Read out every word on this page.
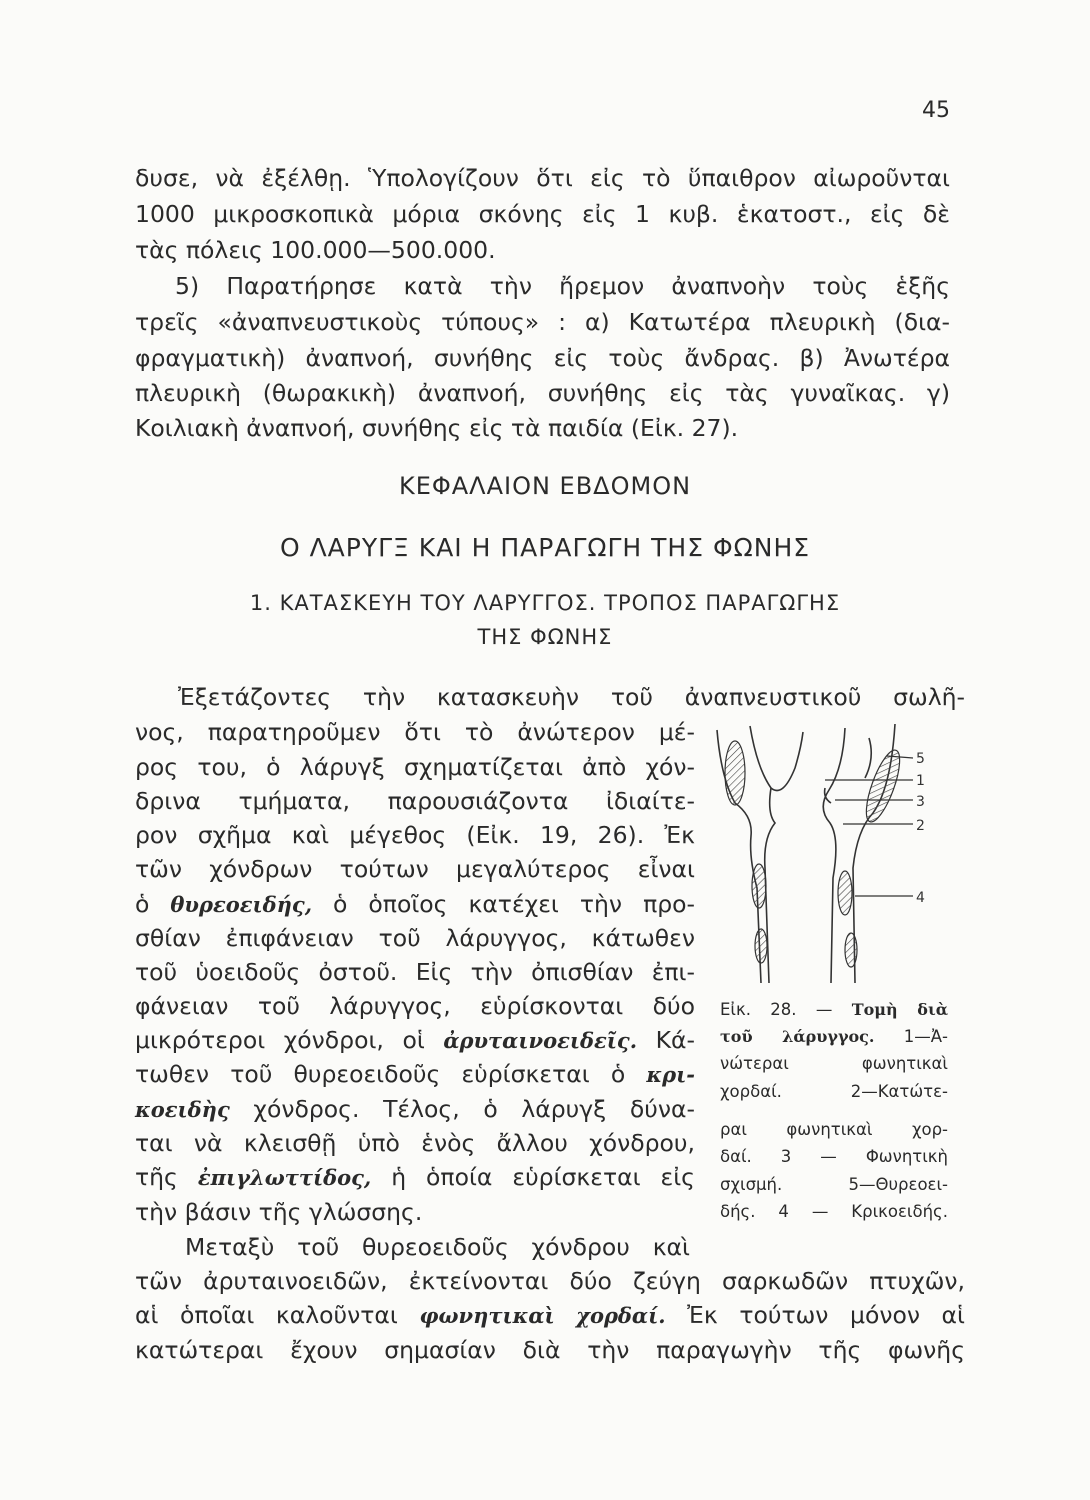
45
δυσε, νὰ ἐξέλθῃ. Ὑπολογίζουν ὅτι εἰς τὸ ὕπαιθρον αἰωροῦνται
1000 μικροσκοπικὰ μόρια σκόνης εἰς 1 κυβ. ἑκατοστ., εἰς δὲ
τὰς πόλεις 100.000—500.000.
5) Παρατήρησε κατὰ τὴν ἤρεμον ἀναπνοὴν τοὺς ἑξῆς
τρεῖς «ἀναπνευστικοὺς τύπους» : α) Κατωτέρα πλευρικὴ (δια-
φραγματικὴ) ἀναπνοή, συνήθης εἰς τοὺς ἄνδρας. β) Ἀνωτέρα
πλευρικὴ (θωρακικὴ) ἀναπνοή, συνήθης εἰς τὰς γυναῖκας. γ)
Κοιλιακὴ ἀναπνοή, συνήθης εἰς τὰ παιδία (Εἰκ. 27).
ΚΕΦΑΛΑΙΟΝ ΕΒΔΟΜΟΝ
Ο ΛΑΡΥΓΞ ΚΑΙ Η ΠΑΡΑΓΩΓΗ ΤΗΣ ΦΩΝΗΣ
1. ΚΑΤΑΣΚΕΥΗ ΤΟΥ ΛΑΡΥΓΓΟΣ. ΤΡΟΠΟΣ ΠΑΡΑΓΩΓΗΣ
ΤΗΣ ΦΩΝΗΣ
Ἐξετάζοντες τὴν κατασκευὴν τοῦ ἀναπνευστικοῦ σωλῆ-
νος, παρατηροῦμεν ὅτι τὸ ἀνώτερον μέ-
ρος του, ὁ λάρυγξ σχηματίζεται ἀπὸ χόν-
δρινα τμήματα, παρουσιάζοντα ἰδιαίτε-
ρον σχῆμα καὶ μέγεθος (Εἰκ. 19, 26). Ἐκ
τῶν χόνδρων τούτων μεγαλύτερος εἶναι
ὁ θυρεοειδής, ὁ ὁποῖος κατέχει τὴν προ-
σθίαν ἐπιφάνειαν τοῦ λάρυγγος, κάτωθεν
τοῦ ὑοειδοῦς ὀστοῦ. Εἰς τὴν ὀπισθίαν ἐπι-
φάνειαν τοῦ λάρυγγος, εὑρίσκονται δύο
μικρότεροι χόνδροι, οἱ ἀρυταινοειδεῖς. Κά-
τωθεν τοῦ θυρεοειδοῦς εὑρίσκεται ὁ κρι-
κοειδὴς χόνδρος. Τέλος, ὁ λάρυγξ δύνα-
ται νὰ κλεισθῇ ὑπὸ ἑνὸς ἄλλου χόνδρου,
τῆς ἐπιγλωττίδος, ἡ ὁποία εὑρίσκεται εἰς
τὴν βάσιν τῆς γλώσσης.
Μεταξὺ τοῦ θυρεοειδοῦς χόνδρου καὶ
τῶν ἀρυταινοειδῶν, ἐκτείνονται δύο ζεύγη σαρκωδῶν πτυχῶν,
αἱ ὁποῖαι καλοῦνται φωνητικαὶ χορδαί. Ἐκ τούτων μόνον αἱ
κατώτεραι ἔχουν σημασίαν διὰ τὴν παραγωγὴν τῆς φωνῆς
5
1
3
2
4
Εἰκ. 28. — Τομὴ διὰ
τοῦ λάρυγγος. 1—Ἀ-
νώτεραι φωνητικαὶ
χορδαί. 2—Κατώτε-
ραι φωνητικαὶ χορ-
δαί. 3 — Φωνητικὴ
σχισμή. 5—Θυρεοει-
δής. 4 — Κρικοειδής.
